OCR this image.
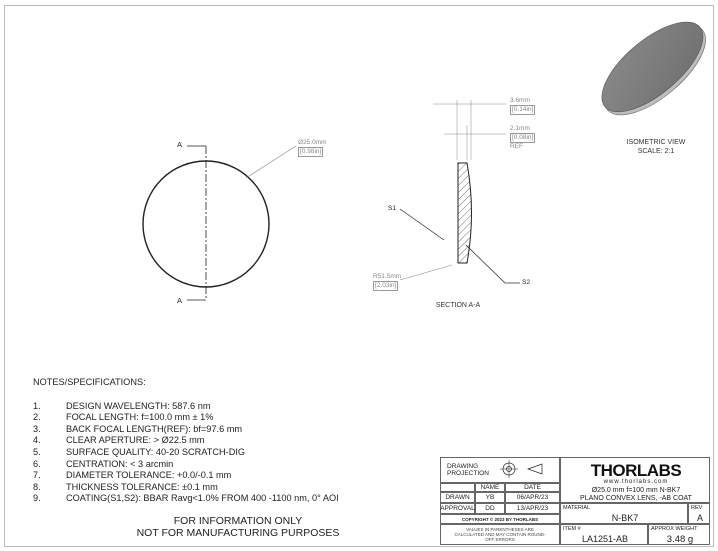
A
A
Ø25.0mm
[0.98in]
3.6mm
[0.14in]
2.1mm
[0.08in]
REF
S1
S2
R51.5mm
[2.03in]
SECTION A-A
ISOMETRIC VIEW
SCALE: 2:1
NOTES/SPECIFICATIONS:
1.	DESIGN WAVELENGTH: 587.6 nm
2.	FOCAL LENGTH: f=100.0 mm ± 1%
3.	BACK FOCAL LENGTH(REF): bf=97.6 mm
4.	CLEAR APERTURE: > Ø22.5 mm
5.	SURFACE QUALITY: 40-20 SCRATCH-DIG
6.	CENTRATION: < 3 arcmin
7.	DIAMETER TOLERANCE: +0.0/-0.1 mm
8.	THICKNESS TOLERANCE: ±0.1 mm
9.	COATING(S1,S2): BBAR Ravg<1.0% FROM 400 -1100 nm, 0° AOI
FOR INFORMATION ONLY
NOT FOR MANUFACTURING PURPOSES
DRAWING PROJECTION
NAME	DATE
DRAWN	YB	06/APR/23
APPROVAL	DD	13/APR/23
COPYRIGHT © 2023 BY THORLABS
VALUES IN PARENTHESES ARE CALCULATED AND MAY CONTAIN ROUND-OFF ERRORS
THORLABS
www.thorlabs.com
Ø25.0 mm f=100 mm N-BK7
PLANO CONVEX LENS, -AB COAT
MATERIAL
N-BK7
REV
A
ITEM #
LA1251-AB
APPROX WEIGHT
3.48 g
